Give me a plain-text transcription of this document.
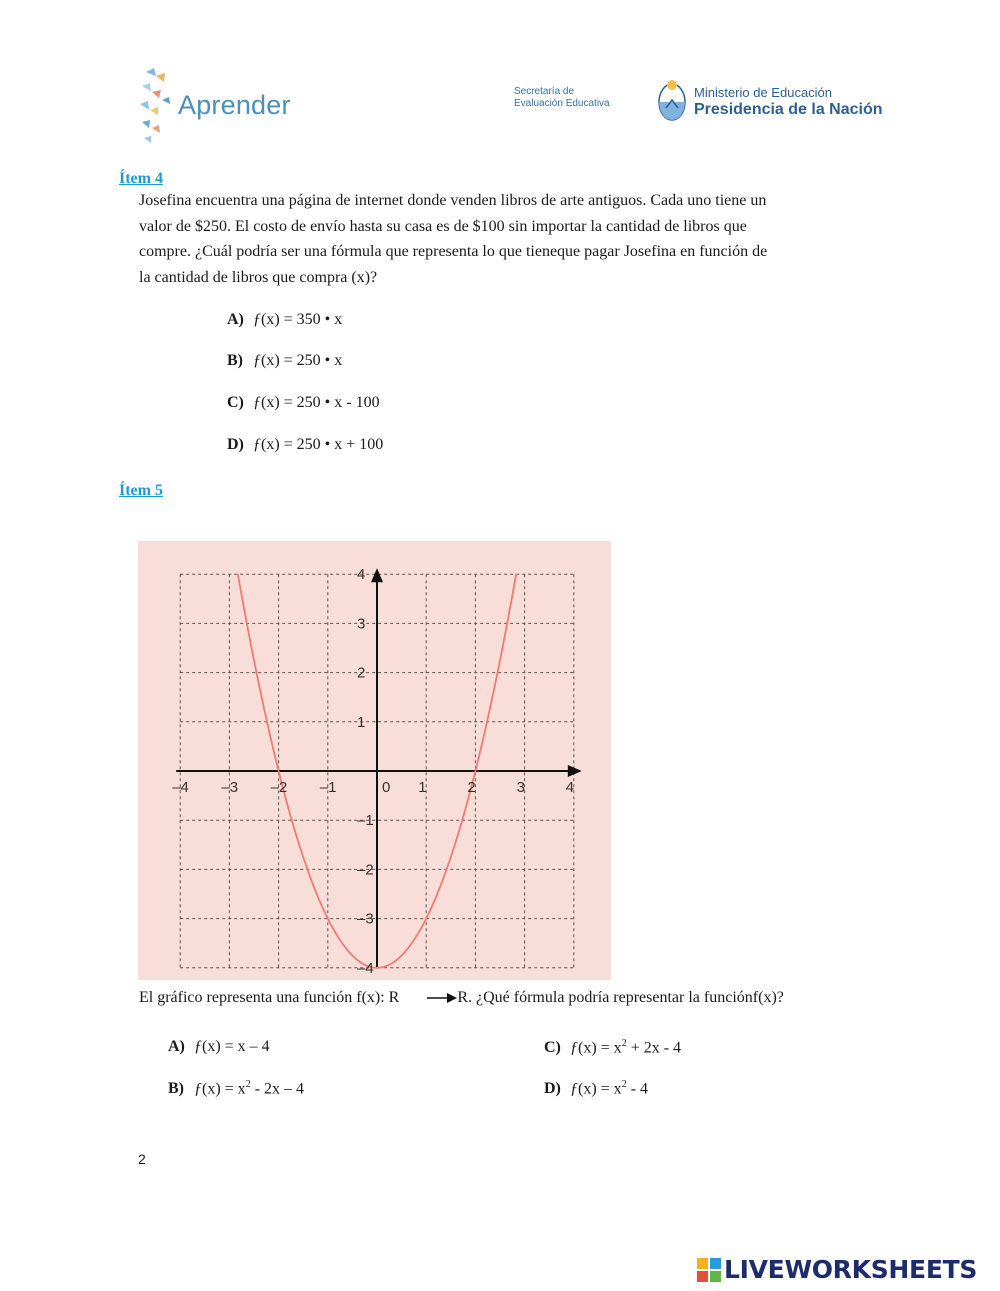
Aprender	Secretaría de
Evaluación Educativa
Ministerio de Educación
Presidencia de la Nación
Ítem 4

Josefina encuentra una página de internet donde venden libros de arte antiguos. Cada uno tiene un

valor de $250. El costo de envío hasta su casa es de $100 sin importar la cantidad de libros que

compre. ¿Cuál podría ser una fórmula que representa lo que tieneque pagar Josefina en función de

la cantidad de libros que compra (x)?

A) ƒ(x) = 350 • x
B) ƒ(x) = 250 • x
C) ƒ(x) = 250 • x - 100
D) ƒ(x) = 250 • x + 100
Ítem 5
–4 –3 –2 –1	0 1	2	3	4
4
3
2
1
–1
–2
–3
–4
El gráfico representa una función f(x): R	R. ¿Qué fórmula podría representar la funciónf(x)?
A) ƒ(x) = x – 4
B) ƒ(x) = $x^2 - 2x - 4$
C) ƒ(x) = $x^2 + 2x - 4$
D) ƒ(x) = $x^2 - 4$
2
LIVEWORKSHEETS
